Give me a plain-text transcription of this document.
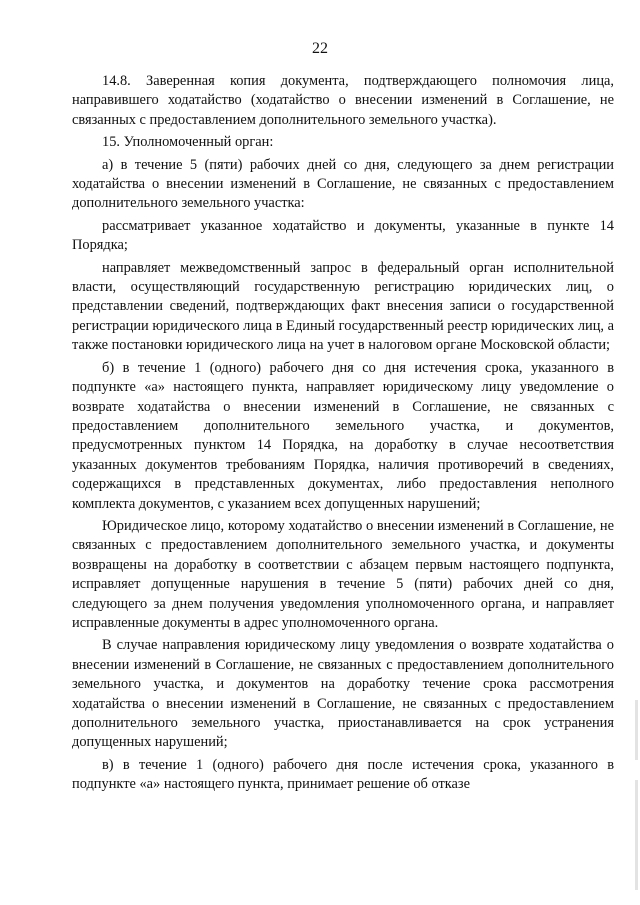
22

14.8. Заверенная копия документа, подтверждающего полномочия лица, направившего ходатайство (ходатайство о внесении изменений в Соглашение, не связанных с предоставлением дополнительного земельного участка).

15. Уполномоченный орган:

а) в течение 5 (пяти) рабочих дней со дня, следующего за днем регистрации ходатайства о внесении изменений в Соглашение, не связанных с предоставлением дополнительного земельного участка:

рассматривает указанное ходатайство и документы, указанные в пункте 14 Порядка;

направляет межведомственный запрос в федеральный орган исполнительной власти, осуществляющий государственную регистрацию юридических лиц, о представлении сведений, подтверждающих факт внесения записи о государственной регистрации юридического лица в Единый государственный реестр юридических лиц, а также постановки юридического лица на учет в налоговом органе Московской области;

б) в течение 1 (одного) рабочего дня со дня истечения срока, указанного в подпункте «а» настоящего пункта, направляет юридическому лицу уведомление о возврате ходатайства о внесении изменений в Соглашение, не связанных с предоставлением дополнительного земельного участка, и документов, предусмотренных пунктом 14 Порядка, на доработку в случае несоответствия указанных документов требованиям Порядка, наличия противоречий в сведениях, содержащихся в представленных документах, либо предоставления неполного комплекта документов, с указанием всех допущенных нарушений;

Юридическое лицо, которому ходатайство о внесении изменений в Соглашение, не связанных с предоставлением дополнительного земельного участка, и документы возвращены на доработку в соответствии с абзацем первым настоящего подпункта, исправляет допущенные нарушения в течение 5 (пяти) рабочих дней со дня, следующего за днем получения уведомления уполномоченного органа, и направляет исправленные документы в адрес уполномоченного органа.

В случае направления юридическому лицу уведомления о возврате ходатайства о внесении изменений в Соглашение, не связанных с предоставлением дополнительного земельного участка, и документов на доработку течение срока рассмотрения ходатайства о внесении изменений в Соглашение, не связанных с предоставлением дополнительного земельного участка, приостанавливается на срок устранения допущенных нарушений;

в) в течение 1 (одного) рабочего дня после истечения срока, указанного в подпункте «а» настоящего пункта, принимает решение об отказе
